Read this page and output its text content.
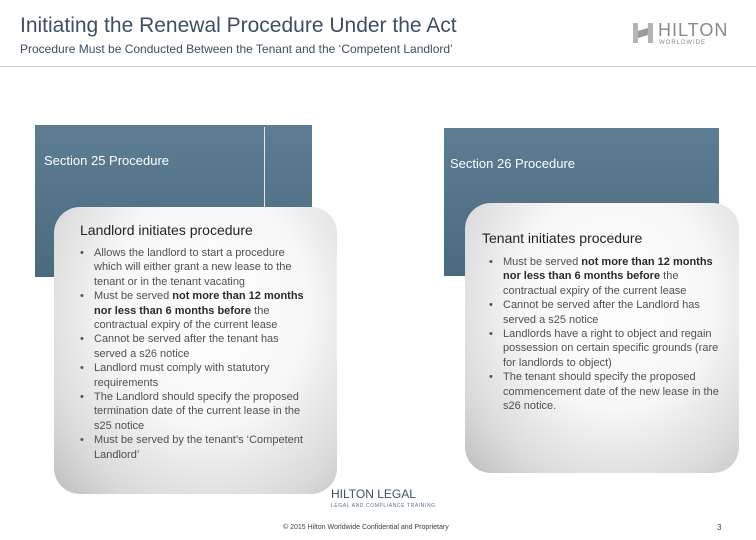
Initiating the Renewal Procedure Under the Act
Procedure Must be Conducted Between the Tenant and the ‘Competent Landlord’
HILTON
WORLDWIDE
Section 25 Procedure	Section 26 Procedure
Landlord initiates procedure	Tenant initiates procedure
• Allows the landlord to start a procedure which will either grant a new lease to the tenant or in the tenant vacating
• Must be served not more than 12 months nor less than 6 months before the contractual expiry of the current lease
• Cannot be served after the tenant has served a s26 notice
• Landlord must comply with statutory requirements
• The Landlord should specify the proposed termination date of the current lease in the s25 notice
• Must be served by the tenant’s ‘Competent Landlord’
• Must be served not more than 12 months nor less than 6 months before the contractual expiry of the current lease
• Cannot be served after the Landlord has served a s25 notice
• Landlords have a right to object and regain possession on certain specific grounds (rare for landlords to object)
• The tenant should specify the proposed commencement date of the new lease in the s26 notice.
HILTON LEGAL
LEGAL AND COMPLIANCE TRAINING
© 2015 Hilton Worldwide Confidential and Proprietary	3
